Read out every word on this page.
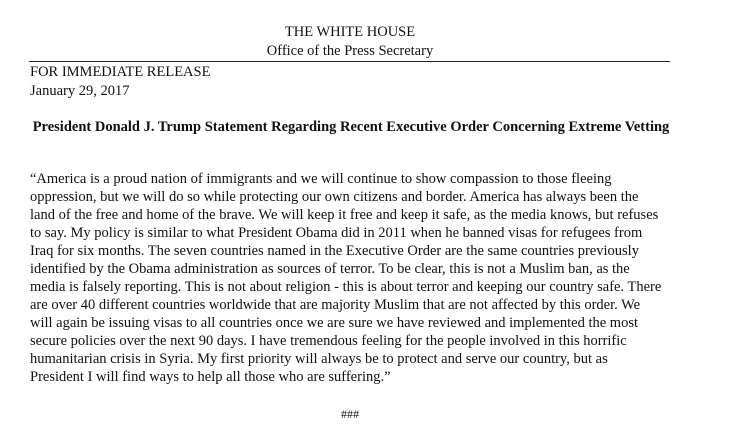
THE WHITE HOUSE
Office of the Press Secretary
FOR IMMEDIATE RELEASE
January 29, 2017
President Donald J. Trump Statement Regarding Recent Executive Order Concerning Extreme Vetting
“America is a proud nation of immigrants and we will continue to show compassion to those fleeing
oppression, but we will do so while protecting our own citizens and border. America has always been the
land of the free and home of the brave. We will keep it free and keep it safe, as the media knows, but refuses
to say. My policy is similar to what President Obama did in 2011 when he banned visas for refugees from
Iraq for six months. The seven countries named in the Executive Order are the same countries previously
identified by the Obama administration as sources of terror. To be clear, this is not a Muslim ban, as the
media is falsely reporting. This is not about religion - this is about terror and keeping our country safe. There
are over 40 different countries worldwide that are majority Muslim that are not affected by this order. We
will again be issuing visas to all countries once we are sure we have reviewed and implemented the most
secure policies over the next 90 days. I have tremendous feeling for the people involved in this horrific
humanitarian crisis in Syria. My first priority will always be to protect and serve our country, but as
President I will find ways to help all those who are suffering.”
###
